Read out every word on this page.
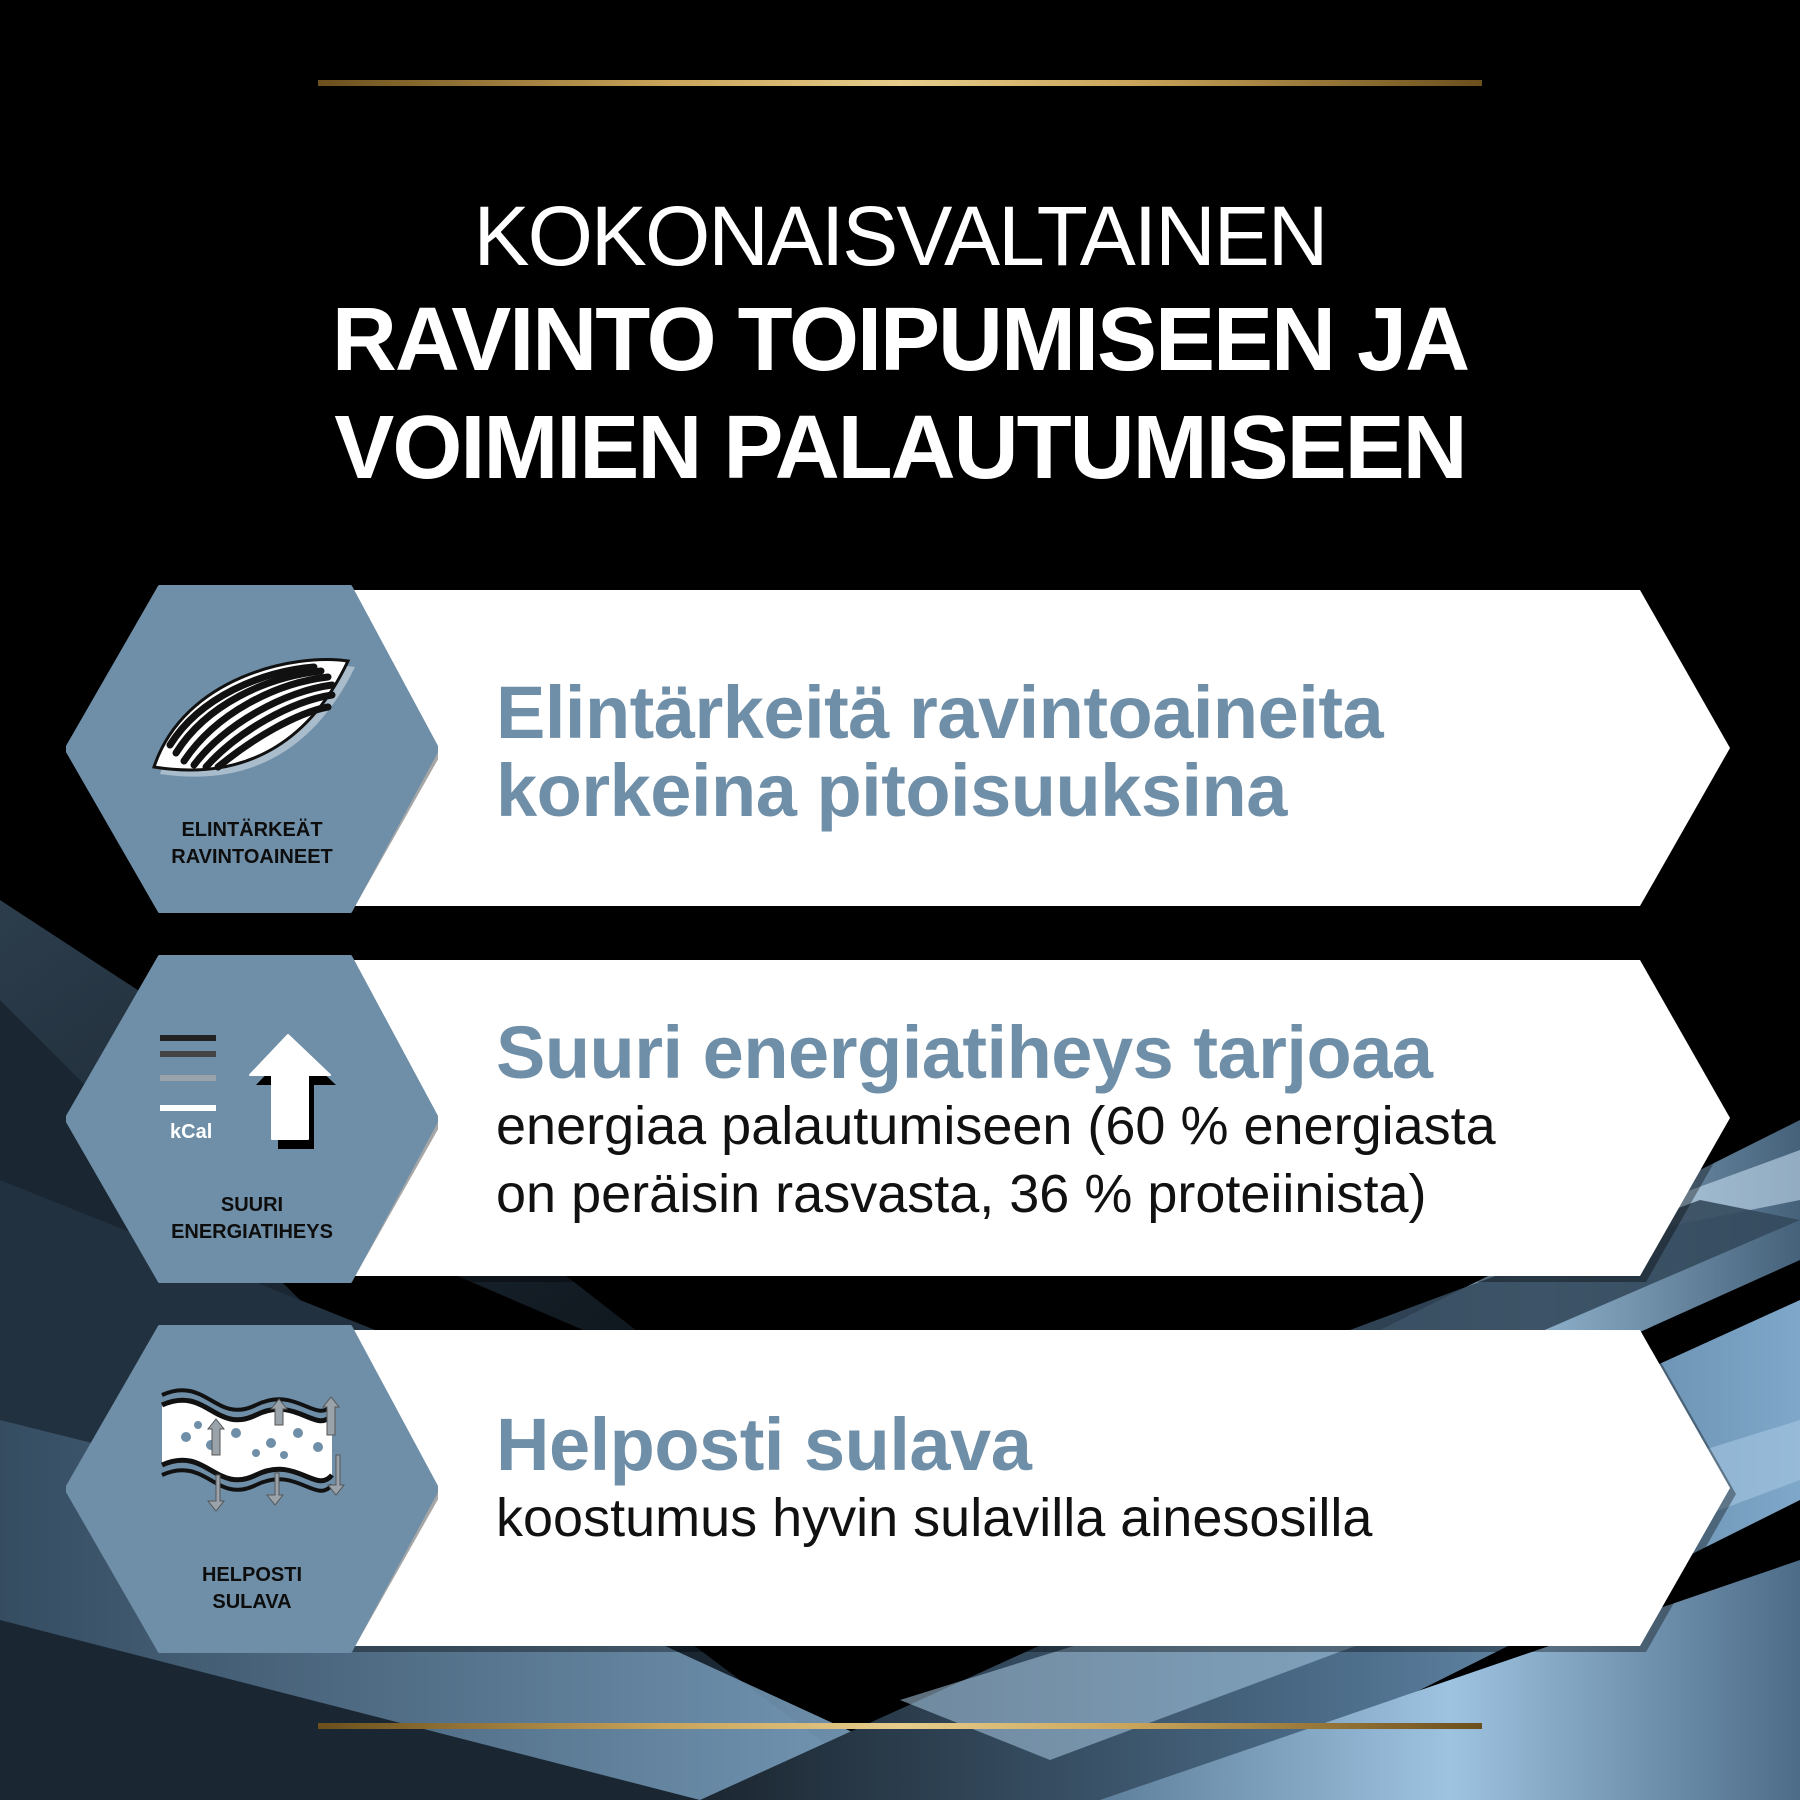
KOKONAISVALTAINEN
RAVINTO TOIPUMISEEN JA
VOIMIEN PALAUTUMISEEN
Elintärkeitä ravintoaineita
korkeina pitoisuuksina
ELINTÄRKEÄT
RAVINTOAINEET
Suuri energiatiheys tarjoaa
energiaa palautumiseen (60 % energiasta
on peräisin rasvasta, 36 % proteiinista)
kCal
SUURI
ENERGIATIHEYS
Helposti sulava
koostumus hyvin sulavilla ainesosilla
HELPOSTI
SULAVA
